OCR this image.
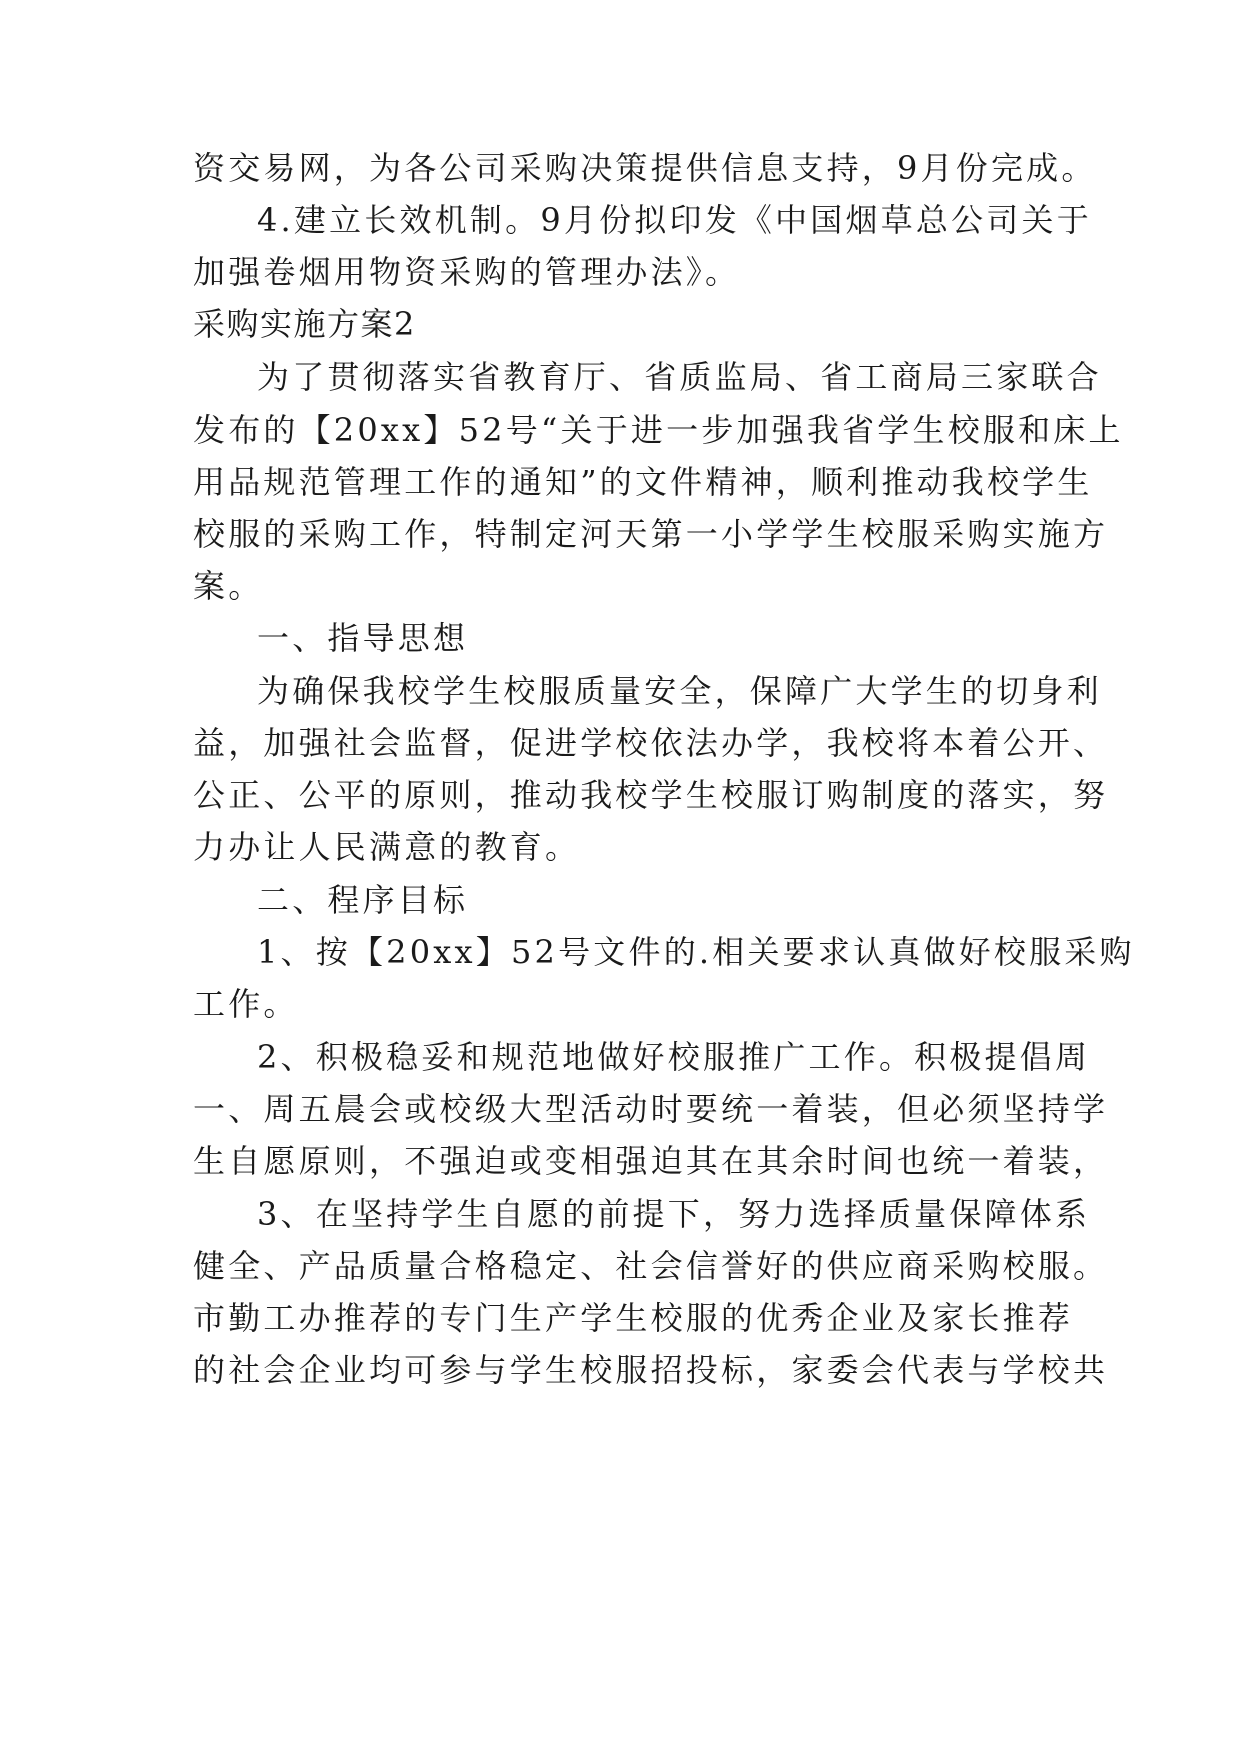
资交易网，为各公司采购决策提供信息支持，9月份完成。
4.建立长效机制。9月份拟印发《中国烟草总公司关于
加强卷烟用物资采购的管理办法》。
采购实施方案2
为了贯彻落实省教育厅、省质监局、省工商局三家联合
发布的【20xx】52号“关于进一步加强我省学生校服和床上
用品规范管理工作的通知”的文件精神，顺利推动我校学生
校服的采购工作，特制定河天第一小学学生校服采购实施方
案。
一、指导思想
为确保我校学生校服质量安全，保障广大学生的切身利
益，加强社会监督，促进学校依法办学，我校将本着公开、
公正、公平的原则，推动我校学生校服订购制度的落实，努
力办让人民满意的教育。
二、程序目标
1、按【20xx】52号文件的.相关要求认真做好校服采购
工作。
2、积极稳妥和规范地做好校服推广工作。积极提倡周
一、周五晨会或校级大型活动时要统一着装，但必须坚持学
生自愿原则，不强迫或变相强迫其在其余时间也统一着装，
3、在坚持学生自愿的前提下，努力选择质量保障体系
健全、产品质量合格稳定、社会信誉好的供应商采购校服。
市勤工办推荐的专门生产学生校服的优秀企业及家长推荐
的社会企业均可参与学生校服招投标，家委会代表与学校共
